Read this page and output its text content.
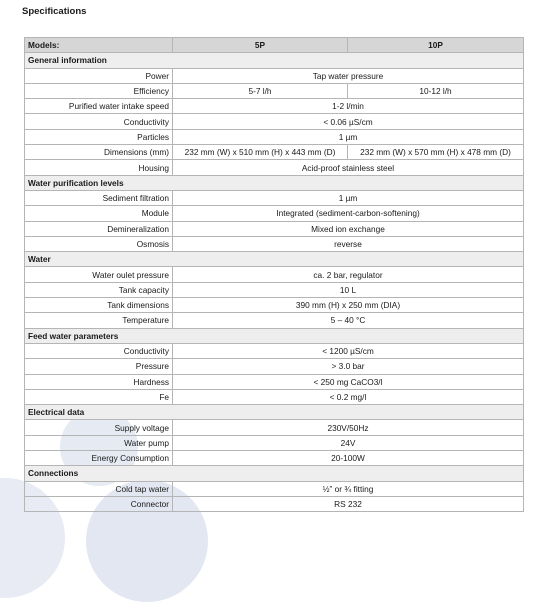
Specifications
Models:	5P	10P
General information		
Power	Tap water pressure	
Efficiency	5-7 l/h	10-12 l/h
Purified water intake speed	1-2 l/min	
Conductivity	< 0.06 µS/cm	
Particles	1 µm	
Dimensions (mm)	232 mm (W) x 510 mm (H) x 443 mm (D)	232 mm (W) x 570 mm (H) x 478 mm (D)
Housing	Acid-proof stainless steel	
Water purification levels		
Sediment filtration	1 µm	
Module	Integrated (sediment-carbon-softening)	
Demineralization	Mixed ion exchange	
Osmosis	reverse	
Water		
Water oulet pressure	ca. 2 bar, regulator	
Tank capacity	10 L	
Tank dimensions	390 mm (H) x 250 mm (DIA)	
Temperature	5 – 40 °C	
Feed water parameters		
Conductivity	< 1200 µS/cm	
Pressure	> 3.0 bar	
Hardness	< 250 mg CaCO3/l	
Fe	< 0.2 mg/l	
Electrical data		
Supply voltage	230V/50Hz	
Water pump	24V	
Energy Consumption	20-100W	
Connections		
Cold tap water	½” or ¾ fitting	
Connector	RS 232	
